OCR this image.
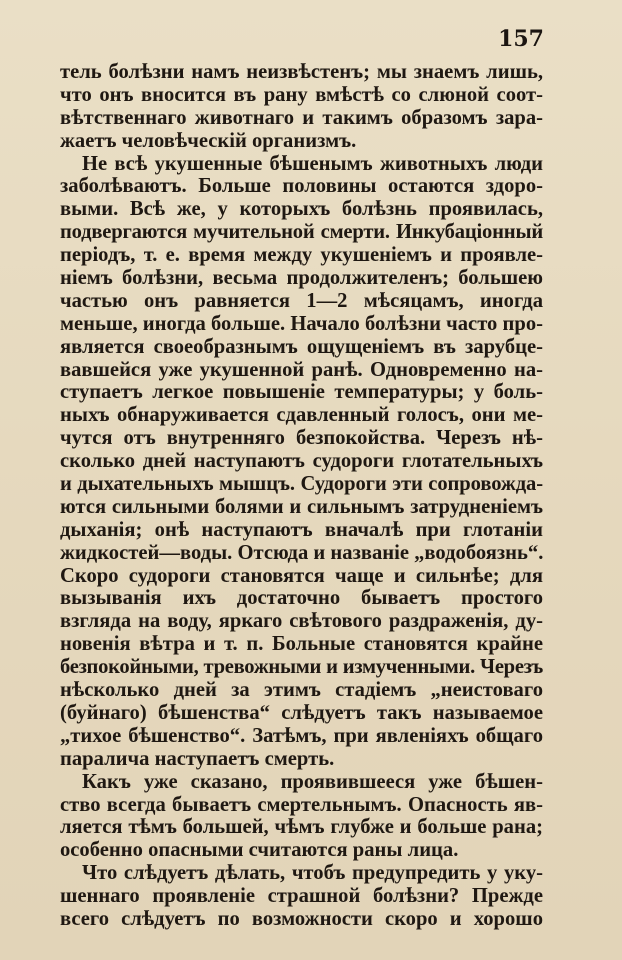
157
тель болѣзни намъ неизвѣстенъ; мы знаемъ лишь,
что онъ вносится въ рану вмѣстѣ со слюной соот-
вѣтственнаго животнаго и такимъ образомъ зара-
жаетъ человѣческій организмъ.
Не всѣ укушенные бѣшенымъ животныхъ люди
заболѣваютъ. Больше половины остаются здоро-
выми. Всѣ же, у которыхъ болѣзнь проявилась,
подвергаются мучительной смерти. Инкубаціонный
періодъ, т. е. время между укушеніемъ и проявле-
ніемъ болѣзни, весьма продолжителенъ; большею
частью онъ равняется 1—2 мѣсяцамъ, иногда
меньше, иногда больше. Начало болѣзни часто про-
является своеобразнымъ ощущеніемъ въ зарубце-
вавшейся уже укушенной ранѣ. Одновременно на-
ступаетъ легкое повышеніе температуры; у боль-
ныхъ обнаруживается сдавленный голосъ, они ме-
чутся отъ внутренняго безпокойства. Черезъ нѣ-
сколько дней наступаютъ судороги глотательныхъ
и дыхательныхъ мышцъ. Судороги эти сопровожда-
ются сильными болями и сильнымъ затрудненіемъ
дыханія; онѣ наступаютъ вначалѣ при глотаніи
жидкостей—воды. Отсюда и названіе „водобоязнь“.
Скоро судороги становятся чаще и сильнѣе; для
вызыванія ихъ достаточно бываетъ простого
взгляда на воду, яркаго свѣтового раздраженія, ду-
новенія вѣтра и т. п. Больные становятся крайне
безпокойными, тревожными и измученными. Черезъ
нѣсколько дней за этимъ стадіемъ „неистоваго
(буйнаго) бѣшенства“ слѣдуетъ такъ называемое
„тихое бѣшенство“. Затѣмъ, при явленіяхъ общаго
паралича наступаетъ смерть.
Какъ уже сказано, проявившееся уже бѣшен-
ство всегда бываетъ смертельнымъ. Опасность яв-
ляется тѣмъ большей, чѣмъ глубже и больше рана;
особенно опасными считаются раны лица.
Что слѣдуетъ дѣлать, чтобъ предупредить у уку-
шеннаго проявленіе страшной болѣзни? Прежде
всего слѣдуетъ по возможности скоро и хорошо
